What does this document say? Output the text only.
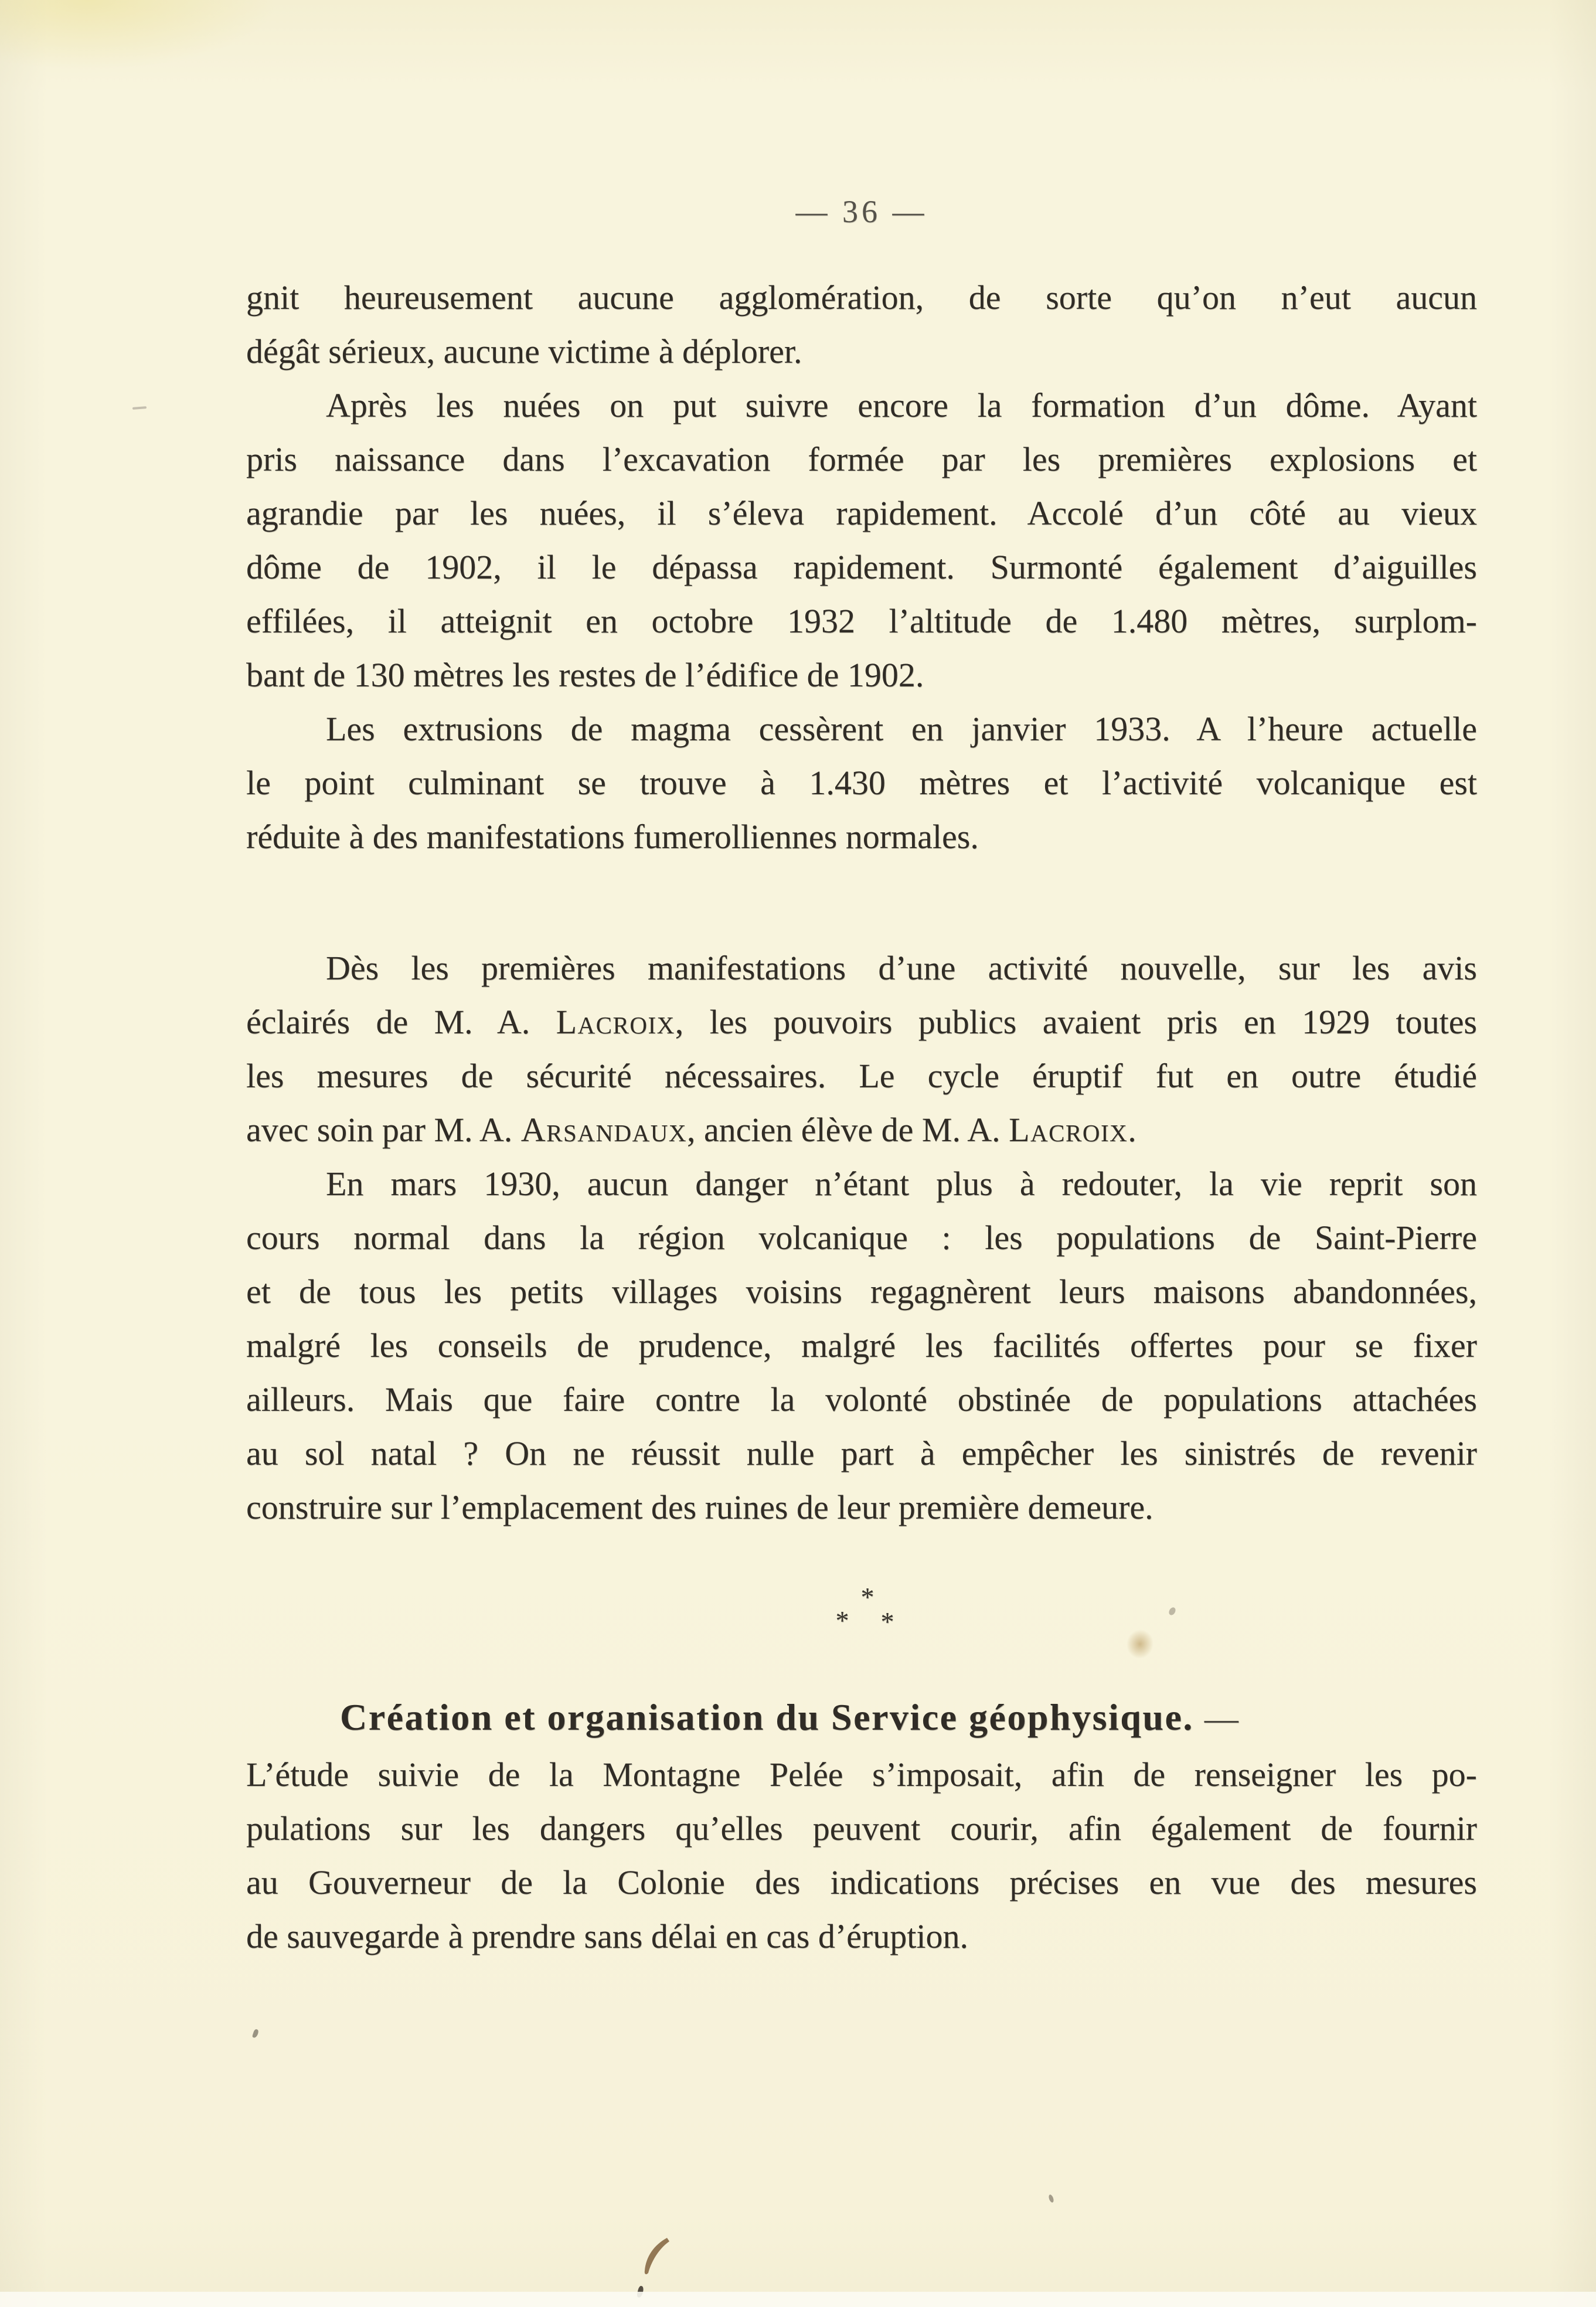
— 36 —
gnit heureusement aucune agglomération, de sorte qu’on n’eut aucun
dégât sérieux, aucune victime à déplorer.
Après les nuées on put suivre encore la formation d’un dôme. Ayant
pris naissance dans l’excavation formée par les premières explosions et
agrandie par les nuées, il s’éleva rapidement. Accolé d’un côté au vieux
dôme de 1902, il le dépassa rapidement. Surmonté également d’aiguilles
effilées, il atteignit en octobre 1932 l’altitude de 1.480 mètres, surplom-
bant de 130 mètres les restes de l’édifice de 1902.
Les extrusions de magma cessèrent en janvier 1933. A l’heure actuelle
le point culminant se trouve à 1.430 mètres et l’activité volcanique est
réduite à des manifestations fumerolliennes normales.
Dès les premières manifestations d’une activité nouvelle, sur les avis
éclairés de M. A. Lacroix, les pouvoirs publics avaient pris en 1929 toutes
les mesures de sécurité nécessaires. Le cycle éruptif fut en outre étudié
avec soin par M. A. Arsandaux, ancien élève de M. A. Lacroix.
En mars 1930, aucun danger n’étant plus à redouter, la vie reprit son
cours normal dans la région volcanique : les populations de Saint-Pierre
et de tous les petits villages voisins regagnèrent leurs maisons abandonnées,
malgré les conseils de prudence, malgré les facilités offertes pour se fixer
ailleurs. Mais que faire contre la volonté obstinée de populations attachées
au sol natal ? On ne réussit nulle part à empêcher les sinistrés de revenir
construire sur l’emplacement des ruines de leur première demeure.
*
*	*
Création et organisation du Service géophysique. —
L’étude suivie de la Montagne Pelée s’imposait, afin de renseigner les po-
pulations sur les dangers qu’elles peuvent courir, afin également de fournir
au Gouverneur de la Colonie des indications précises en vue des mesures
de sauvegarde à prendre sans délai en cas d’éruption.
